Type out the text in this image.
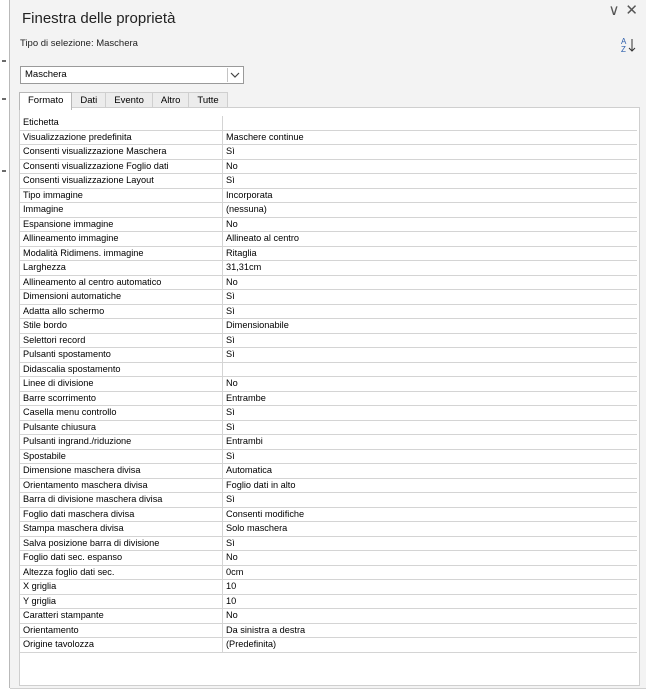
Finestra delle proprietà	∨ ✕
Tipo di selezione: Maschera	A
Z
Maschera
Formato	Dati	Evento	Altro	Tutte
Etichetta
Visualizzazione predefinita	Maschere continue
Consenti visualizzazione Maschera	Sì
Consenti visualizzazione Foglio dati	No
Consenti visualizzazione Layout	Sì
Tipo immagine	Incorporata
Immagine	(nessuna)
Espansione immagine	No
Allineamento immagine	Allineato al centro
Modalità Ridimens. immagine	Ritaglia
Larghezza	31,31cm
Allineamento al centro automatico	No
Dimensioni automatiche	Sì
Adatta allo schermo	Sì
Stile bordo	Dimensionabile
Selettori record	Sì
Pulsanti spostamento	Sì
Didascalia spostamento
Linee di divisione	No
Barre scorrimento	Entrambe
Casella menu controllo	Sì
Pulsante chiusura	Sì
Pulsanti ingrand./riduzione	Entrambi
Spostabile	Sì
Dimensione maschera divisa	Automatica
Orientamento maschera divisa	Foglio dati in alto
Barra di divisione maschera divisa	Sì
Foglio dati maschera divisa	Consenti modifiche
Stampa maschera divisa	Solo maschera
Salva posizione barra di divisione	Sì
Foglio dati sec. espanso	No
Altezza foglio dati sec.	0cm
X griglia	10
Y griglia	10
Caratteri stampante	No
Orientamento	Da sinistra a destra
Origine tavolozza	(Predefinita)
